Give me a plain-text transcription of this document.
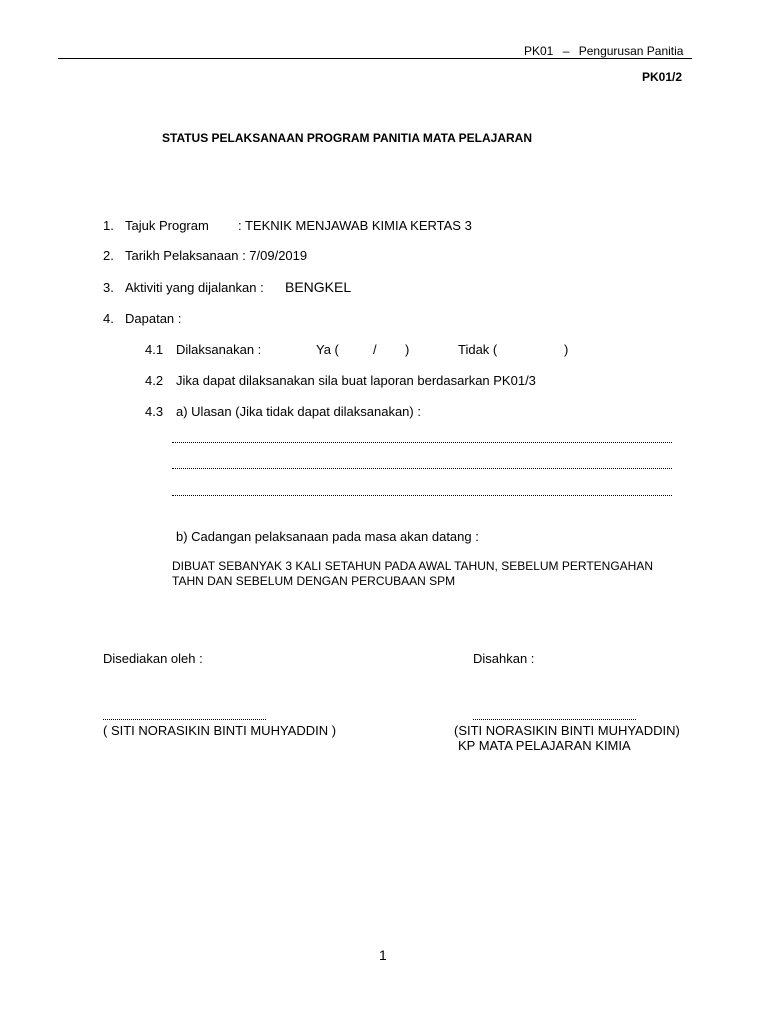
PK01 – Pengurusan Panitia
PK01/2
STATUS PELAKSANAAN PROGRAM PANITIA MATA PELAJARAN
1. Tajuk Program : TEKNIK MENJAWAB KIMIA KERTAS 3
2. Tarikh Pelaksanaan : 7/09/2019
3. Aktiviti yang dijalankan : BENGKEL
4. Dapatan :
4.1 Dilaksanakan :	Ya (	/ )	Tidak (	)
4.2 Jika dapat dilaksanakan sila buat laporan berdasarkan PK01/3
4.3 a) Ulasan (Jika tidak dapat dilaksanakan) :
b) Cadangan pelaksanaan pada masa akan datang :
DIBUAT SEBANYAK 3 KALI SETAHUN PADA AWAL TAHUN, SEBELUM PERTENGAHAN
TAHN DAN SEBELUM DENGAN PERCUBAAN SPM
Disediakan oleh :	Disahkan :
( SITI NORASIKIN BINTI MUHYADDIN )	(SITI NORASIKIN BINTI MUHYADDIN)
KP MATA PELAJARAN KIMIA
1
